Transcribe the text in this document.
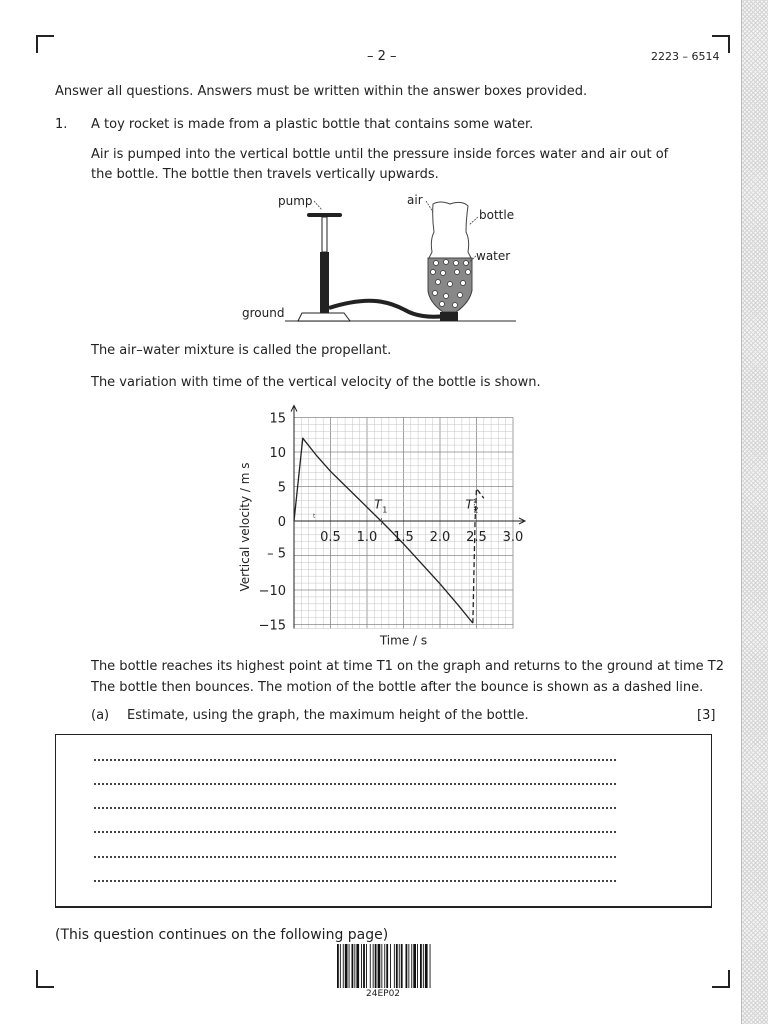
– 2 –	2223 – 6514
Answer all questions. Answers must be written within the answer boxes provided.
1. A toy rocket is made from a plastic bottle that contains some water.
Air is pumped into the vertical bottle until the pressure inside forces water and air out of
the bottle. The bottle then travels vertically upwards.
pump	air
bottle
water
ground
The air–water mixture is called the propellant.
The variation with time of the vertical velocity of the bottle is shown.
15
10
5
0
– 5
−10
−15
0.5 1.0 1.5 2.0 2.5 3.0
Time / s
Vertical velocity / m s	T 1	T 2
t
The bottle reaches its highest point at time T1 on the graph and returns to the ground at time T2
The bottle then bounces. The motion of the bottle after the bounce is shown as a dashed line.
(a) Estimate, using the graph, the maximum height of the bottle.	[3]
(This question continues on the following page)
24EP02
